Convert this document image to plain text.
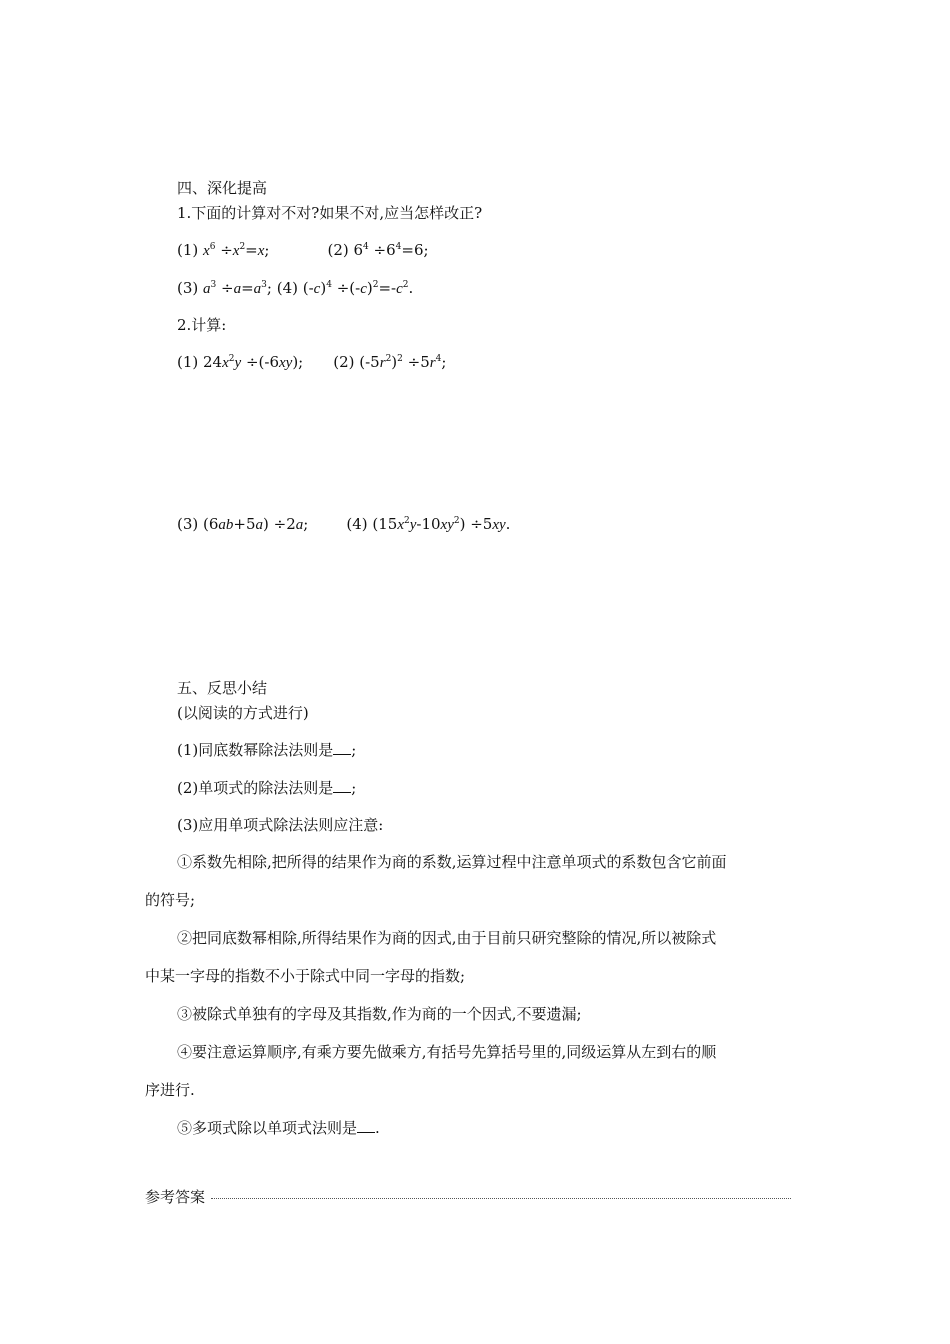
四、深化提高
1.下面的计算对不对?如果不对,应当怎样改正?
(1) $x^6 \div x^2=x$;	(2) $6^4 \div 6^4=6$;
(3) $a^3 \div a=a^3$; (4) $(-c)^4 \div(-c)^2=-c^2$.
2.计算:
(1) $24x^2y \div(-6xy)$; (2) $(-5r^2)^2 \div 5r^4$;
(3) (6ab+5a) ÷2a;	(4) $(15x^2y-10xy^2) \div 5xy$.
五、反思小结
(以阅读的方式进行)
(1)同底数幂除法法则是 ;
(2)单项式的除法法则是 ;
(3)应用单项式除法法则应注意:
①系数先相除,把所得的结果作为商的系数,运算过程中注意单项式的系数包含它前面
的符号;
②把同底数幂相除,所得结果作为商的因式,由于目前只研究整除的情况,所以被除式
中某一字母的指数不小于除式中同一字母的指数;
③被除式单独有的字母及其指数,作为商的一个因式,不要遗漏;
④要注意运算顺序,有乘方要先做乘方,有括号先算括号里的,同级运算从左到右的顺
序进行.
⑤多项式除以单项式法则是 .
参考答案
